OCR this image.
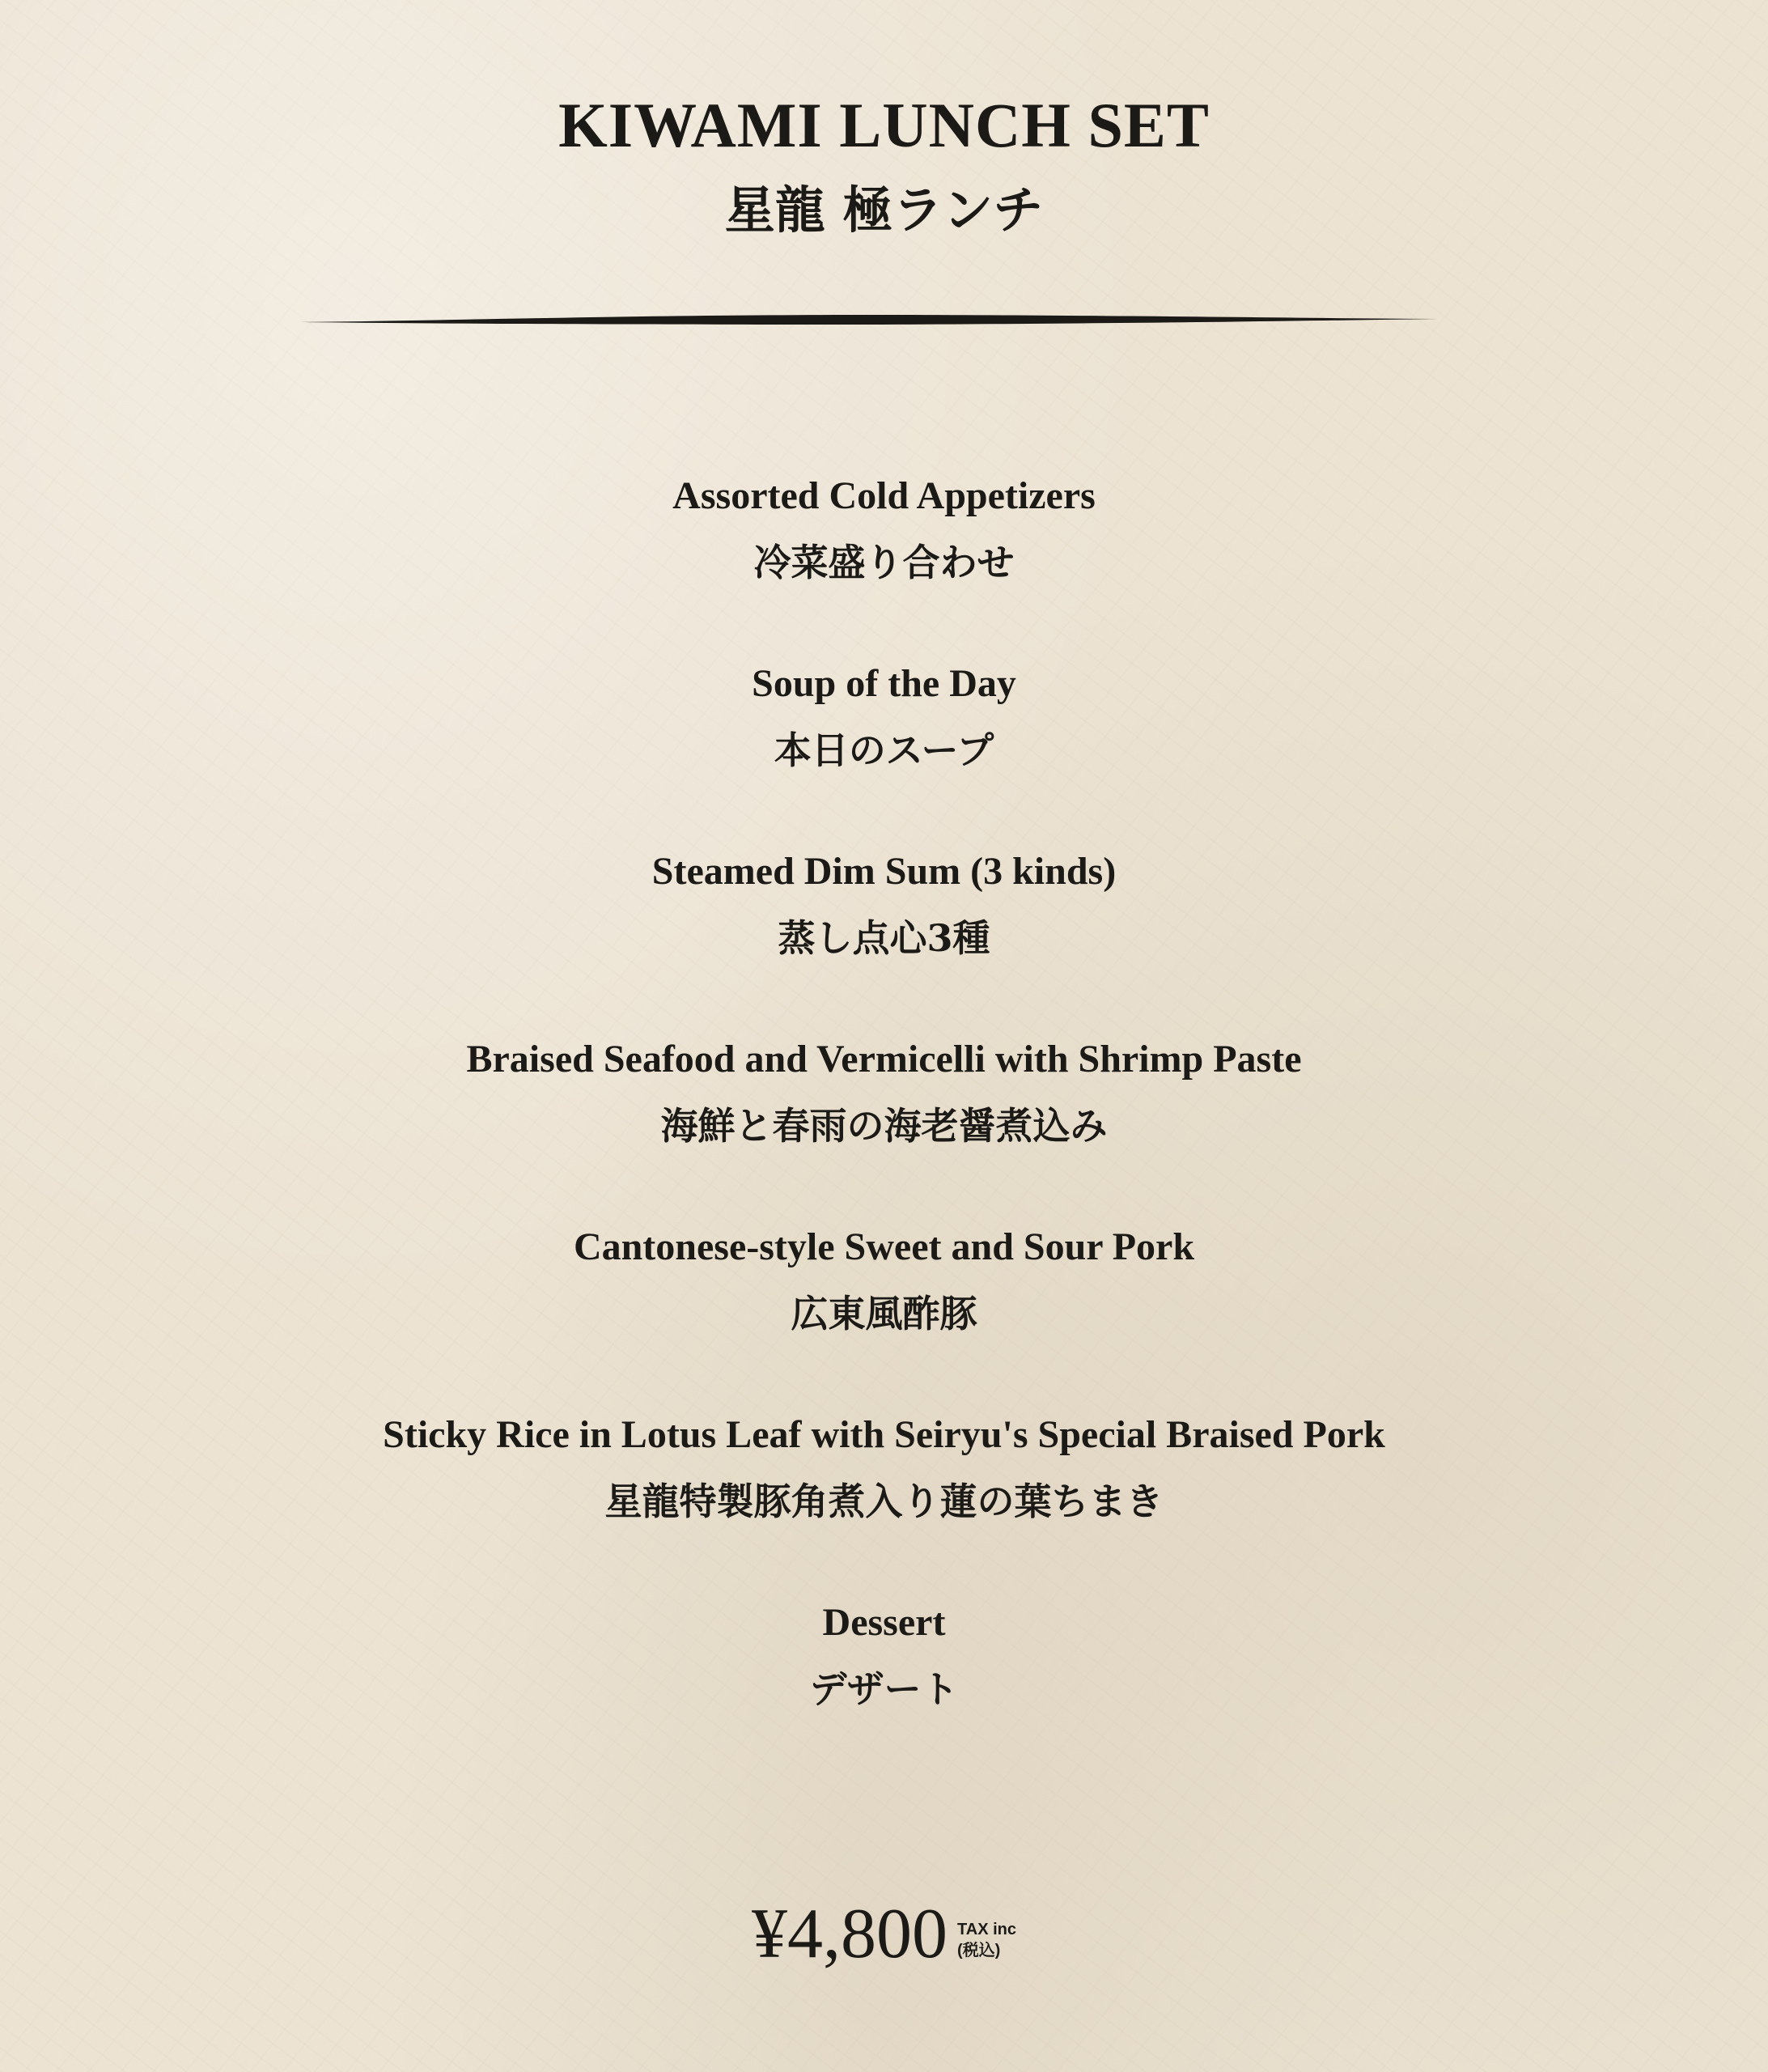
KIWAMI LUNCH SET
星龍 極ランチ
Assorted Cold Appetizers
冷菜盛り合わせ
Soup of the Day
本日のスープ
Steamed Dim Sum (3 kinds)
蒸し点心3種
Braised Seafood and Vermicelli with Shrimp Paste
海鮮と春雨の海老醤煮込み
Cantonese-style Sweet and Sour Pork
広東風酢豚
Sticky Rice in Lotus Leaf with Seiryu's Special Braised Pork
星龍特製豚角煮入り蓮の葉ちまき
Dessert
デザート
¥4,800 TAX inc
(税込)
